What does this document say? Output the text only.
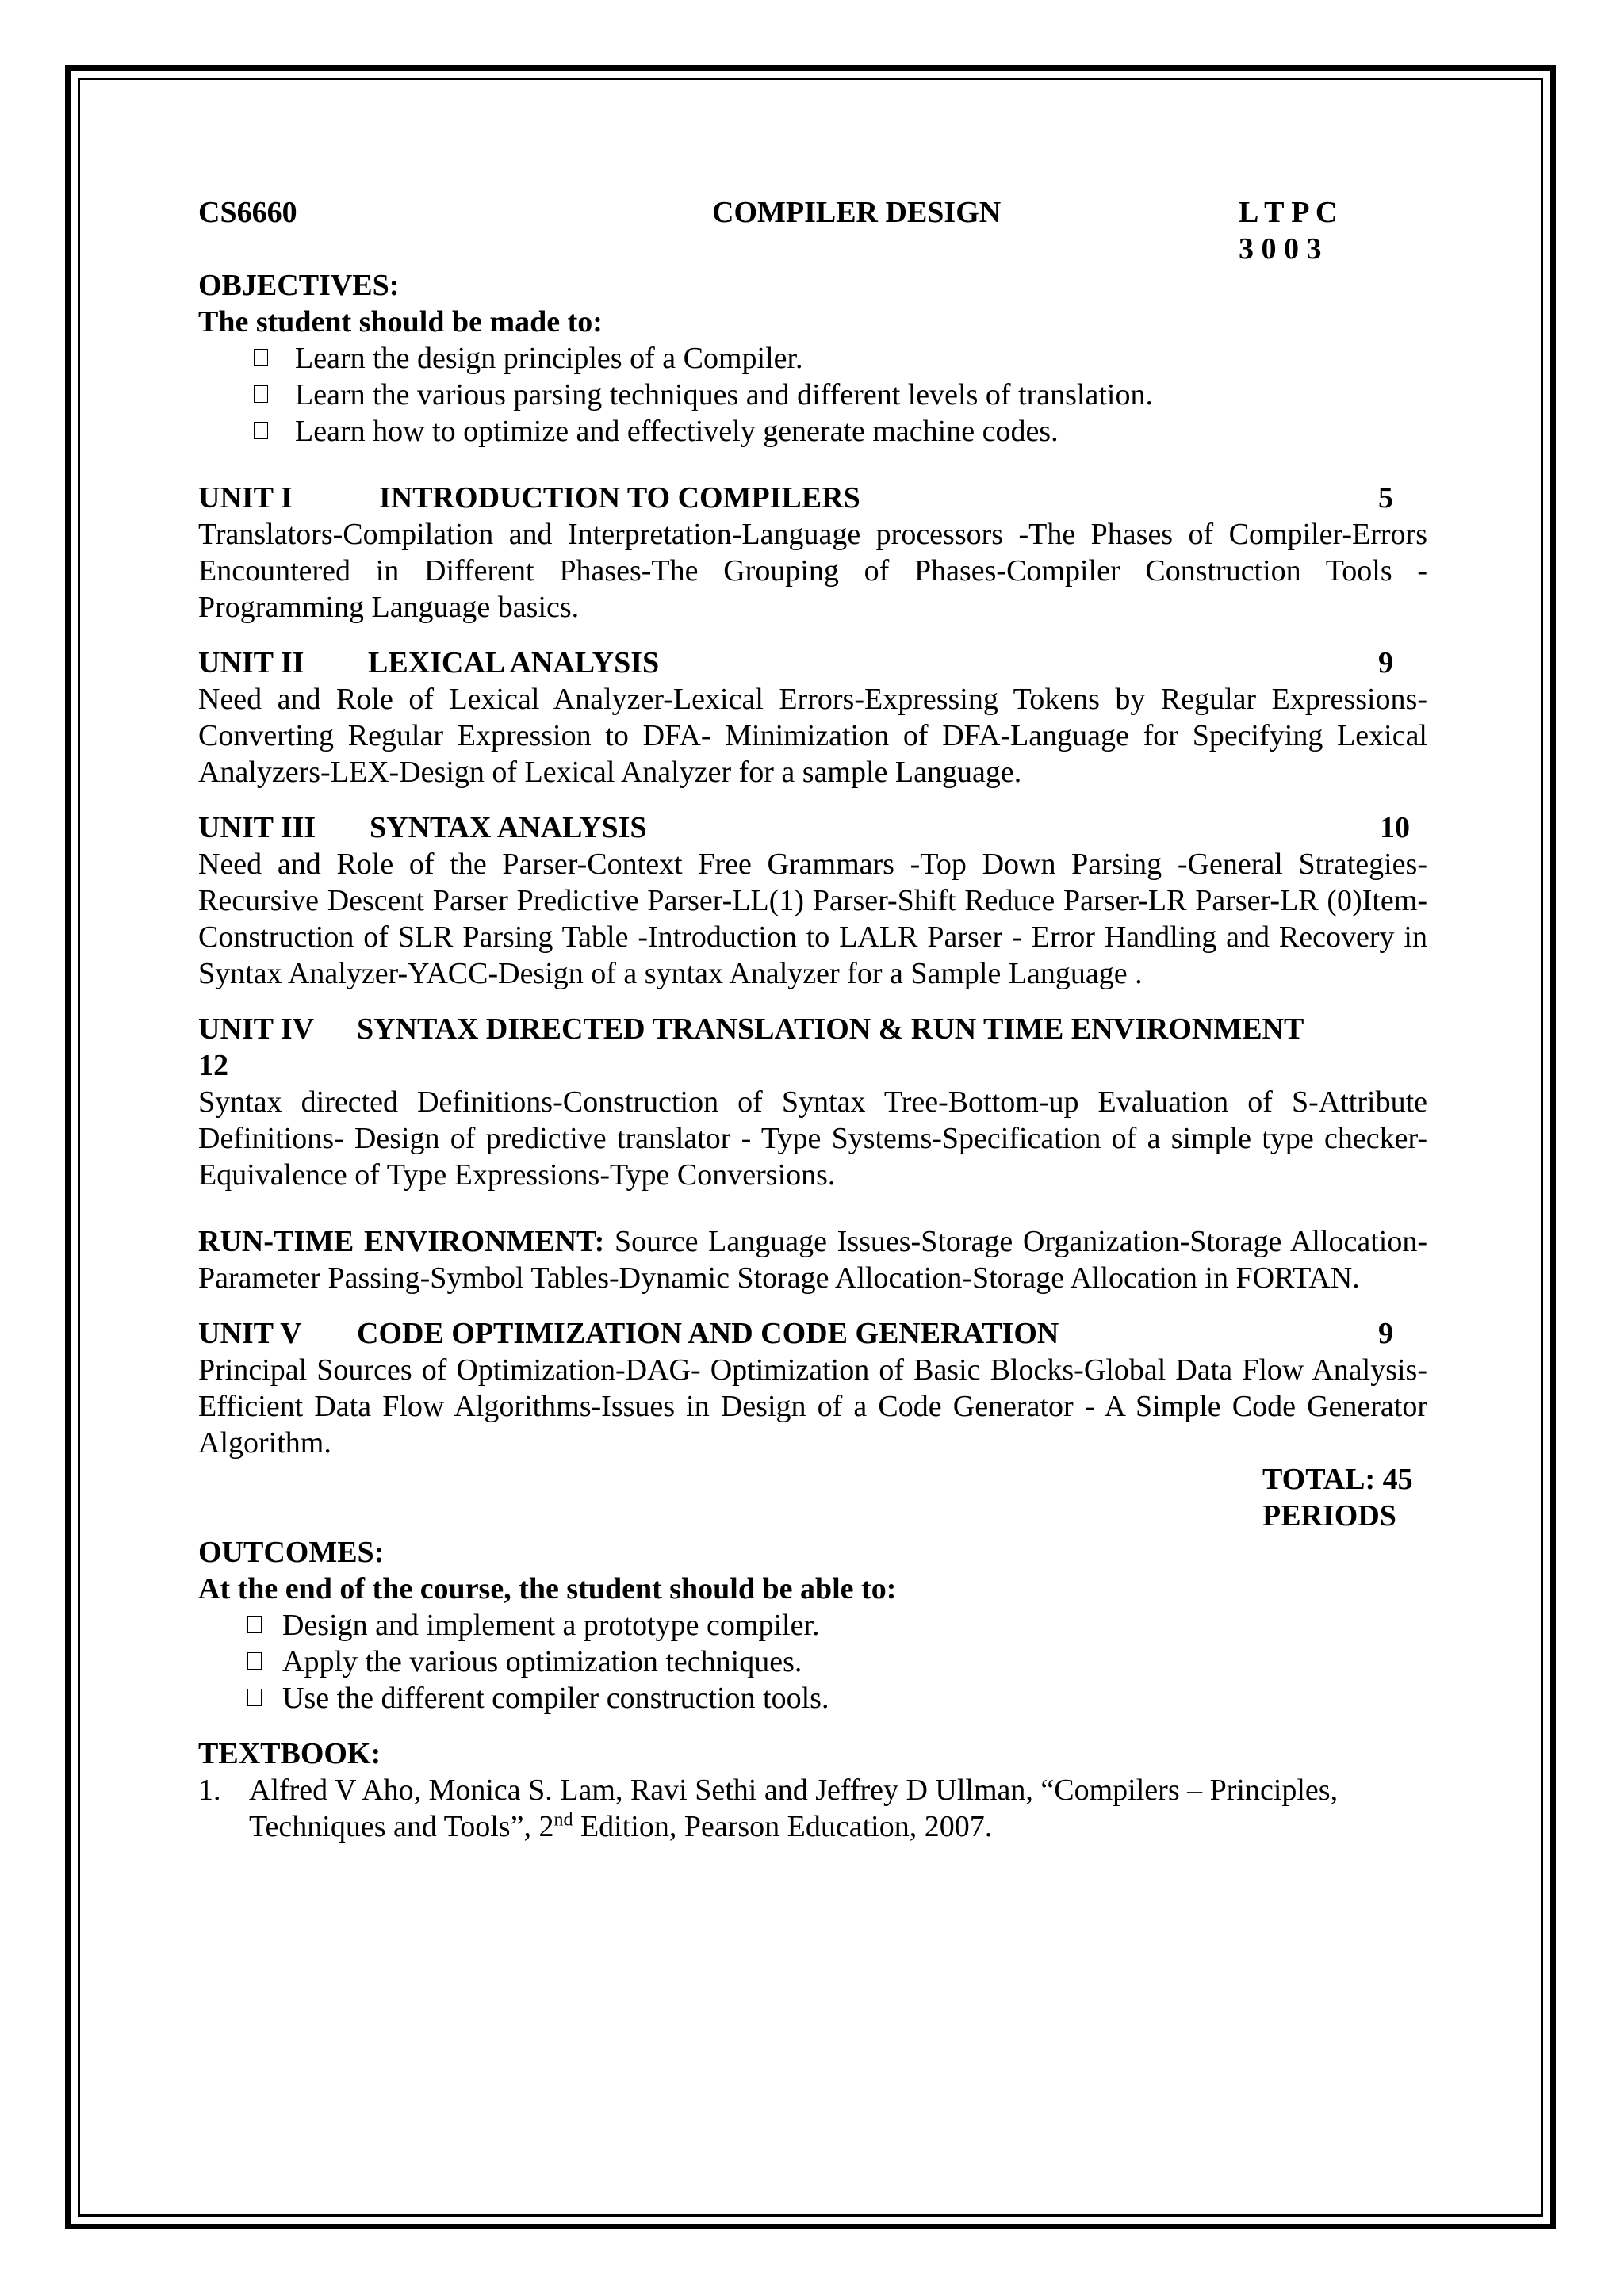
CS6660	COMPILER DESIGN	L T P C
3 0 0 3
OBJECTIVES:
The student should be made to:
Learn the design principles of a Compiler.
Learn the various parsing techniques and different levels of translation.
Learn how to optimize and effectively generate machine codes.
UNIT I	INTRODUCTION TO COMPILERS	5
Translators-Compilation and Interpretation-Language processors -The Phases of Compiler-Errors Encountered in Different Phases-The Grouping of Phases-Compiler Construction Tools - Programming Language basics.
UNIT II LEXICAL ANALYSIS	9
Need and Role of Lexical Analyzer-Lexical Errors-Expressing Tokens by Regular Expressions-Converting Regular Expression to DFA- Minimization of DFA-Language for Specifying Lexical Analyzers-LEX-Design of Lexical Analyzer for a sample Language.
UNIT III SYNTAX ANALYSIS	10
Need and Role of the Parser-Context Free Grammars -Top Down Parsing -General Strategies-Recursive Descent Parser Predictive Parser-LL(1) Parser-Shift Reduce Parser-LR Parser-LR (0)Item-Construction of SLR Parsing Table -Introduction to LALR Parser - Error Handling and Recovery in Syntax Analyzer-YACC-Design of a syntax Analyzer for a Sample Language .
UNIT IV SYNTAX DIRECTED TRANSLATION & RUN TIME ENVIRONMENT
12
Syntax directed Definitions-Construction of Syntax Tree-Bottom-up Evaluation of S-Attribute Definitions- Design of predictive translator - Type Systems-Specification of a simple type checker-Equivalence of Type Expressions-Type Conversions.
RUN-TIME ENVIRONMENT: Source Language Issues-Storage Organization-Storage Allocation-Parameter Passing-Symbol Tables-Dynamic Storage Allocation-Storage Allocation in FORTAN.
UNIT V CODE OPTIMIZATION AND CODE GENERATION	9
Principal Sources of Optimization-DAG- Optimization of Basic Blocks-Global Data Flow Analysis-Efficient Data Flow Algorithms-Issues in Design of a Code Generator - A Simple Code Generator Algorithm.
TOTAL: 45
PERIODS
OUTCOMES:
At the end of the course, the student should be able to:
Design and implement a prototype compiler.
Apply the various optimization techniques.
Use the different compiler construction tools.
TEXTBOOK:
1. Alfred V Aho, Monica S. Lam, Ravi Sethi and Jeffrey D Ullman, “Compilers – Principles,
Techniques and Tools”, 2nd Edition, Pearson Education, 2007.
